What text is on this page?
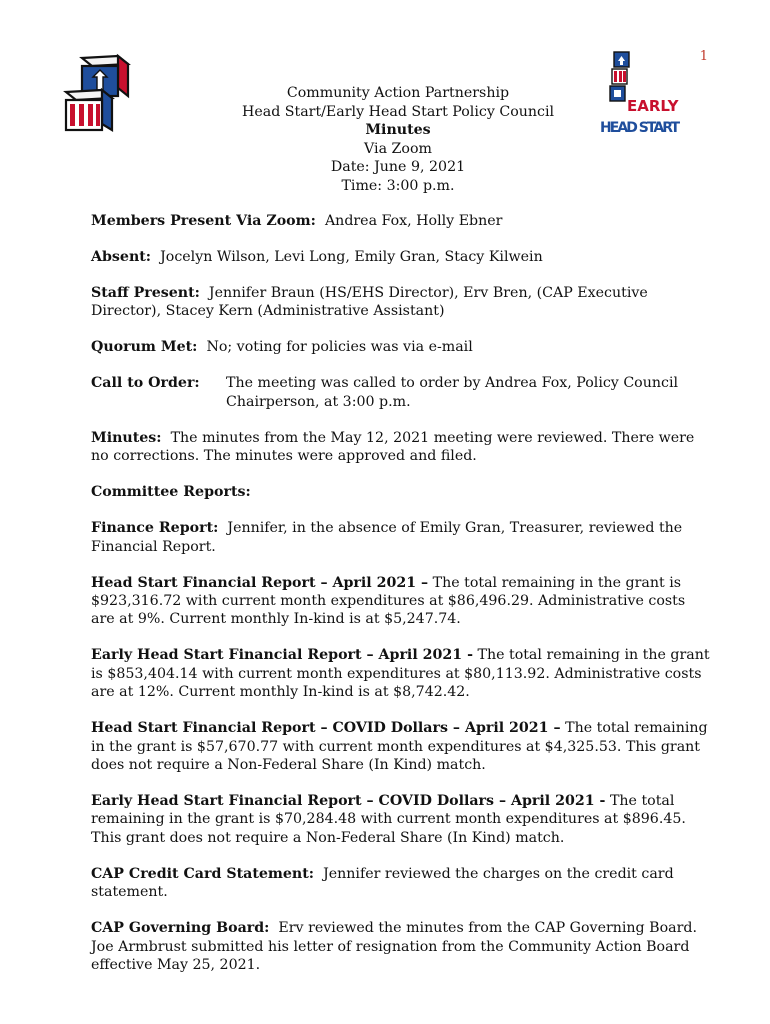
1
EARLY
HEAD START
Community Action Partnership
Head Start/Early Head Start Policy Council
Minutes
Via Zoom
Date: June 9, 2021
Time: 3:00 p.m.

Members Present Via Zoom: Andrea Fox, Holly Ebner

Absent: Jocelyn Wilson, Levi Long, Emily Gran, Stacy Kilwein

Staff Present: Jennifer Braun (HS/EHS Director), Erv Bren, (CAP Executive Director), Stacey Kern (Administrative Assistant)

Quorum Met: No; voting for policies was via e-mail

Call to Order:	The meeting was called to order by Andrea Fox, Policy Council Chairperson, at 3:00 p.m.

Minutes: The minutes from the May 12, 2021 meeting were reviewed. There were no corrections. The minutes were approved and filed.

Committee Reports:

Finance Report: Jennifer, in the absence of Emily Gran, Treasurer, reviewed the Financial Report.

Head Start Financial Report – April 2021 – The total remaining in the grant is $923,316.72 with current month expenditures at $86,496.29. Administrative costs are at 9%. Current monthly In-kind is at $5,247.74.

Early Head Start Financial Report – April 2021 - The total remaining in the grant is $853,404.14 with current month expenditures at $80,113.92. Administrative costs are at 12%. Current monthly In-kind is at $8,742.42.

Head Start Financial Report – COVID Dollars – April 2021 – The total remaining in the grant is $57,670.77 with current month expenditures at $4,325.53. This grant does not require a Non-Federal Share (In Kind) match.

Early Head Start Financial Report – COVID Dollars – April 2021 - The total remaining in the grant is $70,284.48 with current month expenditures at $896.45. This grant does not require a Non-Federal Share (In Kind) match.

CAP Credit Card Statement: Jennifer reviewed the charges on the credit card statement.

CAP Governing Board: Erv reviewed the minutes from the CAP Governing Board. Joe Armbrust submitted his letter of resignation from the Community Action Board effective May 25, 2021.
